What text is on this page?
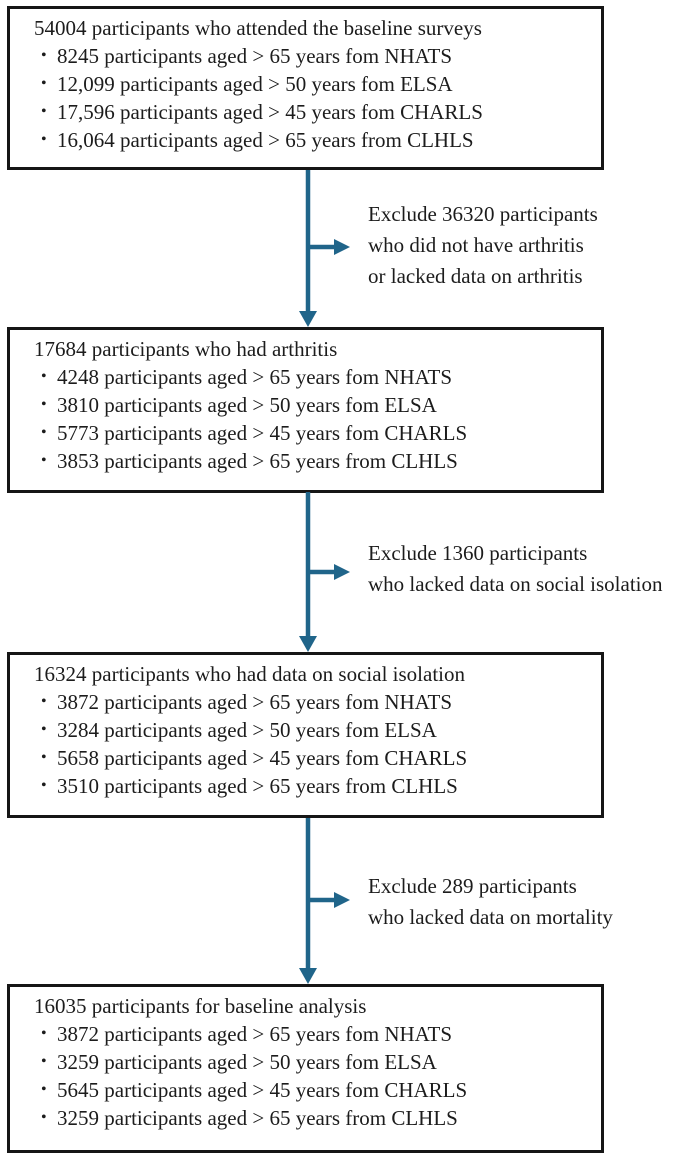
54004 participants who attended the baseline surveys
• 8245 participants aged > 65 years fom NHATS
• 12,099 participants aged > 50 years fom ELSA
• 17,596 participants aged > 45 years fom CHARLS
• 16,064 participants aged > 65 years from CLHLS
Exclude 36320 participants
who did not have arthritis
or lacked data on arthritis
17684 participants who had arthritis
• 4248 participants aged > 65 years fom NHATS
• 3810 participants aged > 50 years fom ELSA
• 5773 participants aged > 45 years fom CHARLS
• 3853 participants aged > 65 years from CLHLS
Exclude 1360 participants
who lacked data on social isolation
16324 participants who had data on social isolation
• 3872 participants aged > 65 years fom NHATS
• 3284 participants aged > 50 years fom ELSA
• 5658 participants aged > 45 years fom CHARLS
• 3510 participants aged > 65 years from CLHLS
Exclude 289 participants
who lacked data on mortality
16035 participants for baseline analysis
• 3872 participants aged > 65 years fom NHATS
• 3259 participants aged > 50 years fom ELSA
• 5645 participants aged > 45 years fom CHARLS
• 3259 participants aged > 65 years from CLHLS
